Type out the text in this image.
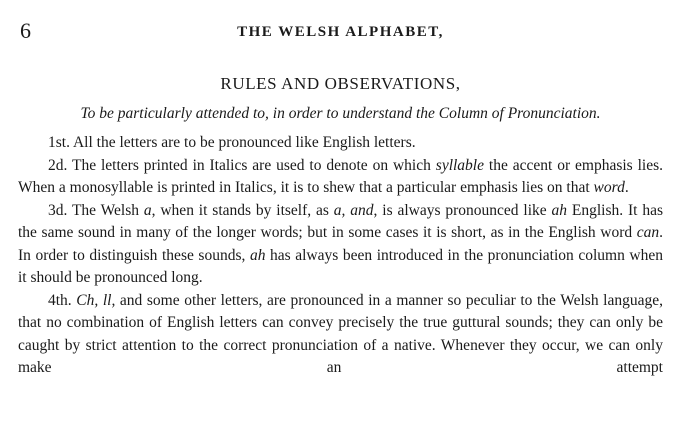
6	THE WELSH ALPHABET,
RULES AND OBSERVATIONS,
To be particularly attended to, in order to understand the Column of Pronunciation.

1st. All the letters are to be pronounced like English letters.

2d. The letters printed in Italics are used to denote on which syllable the accent or emphasis lies. When a monosyllable is printed in Italics, it is to shew that a particular emphasis lies on that word.

3d. The Welsh a, when it stands by itself, as a, and, is always pronounced like ah English. It has the same sound in many of the longer words; but in some cases it is short, as in the English word can. In order to distinguish these sounds, ah has always been introduced in the pronunciation column when it should be pronounced long.

4th. Ch, ll, and some other letters, are pronounced in a manner so peculiar to the Welsh language, that no combination of English letters can convey precisely the true guttural sounds; they can only be caught by strict attention to the correct pronunciation of a native. Whenever they occur, we can only make an attempt
